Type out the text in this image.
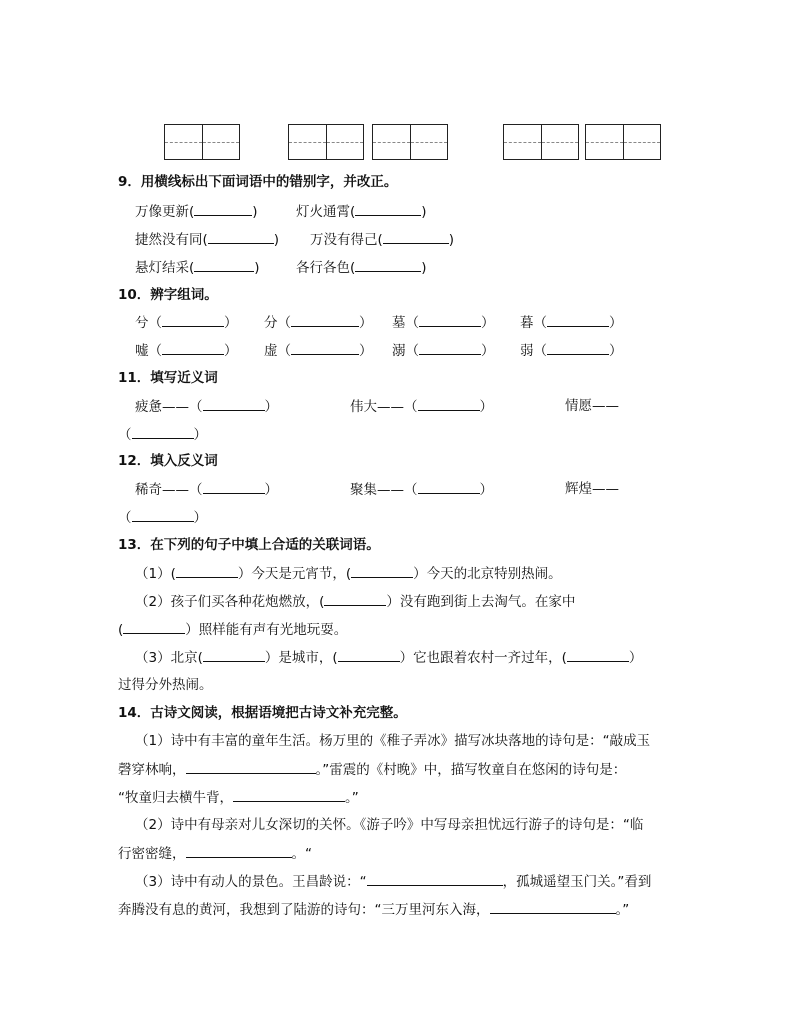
9．用横线标出下面词语中的错别字，并改正。
万像更新(	)	灯火通霄(	)
捷然没有同(	) 万没有得己(	)
悬灯结采(	)	各行各色(	)
10．辨字组词。
兮（	） 分（	） 墓（	） 暮（	）
嘘（	） 虚（	） 溺（	） 弱（	）
11．填写近义词
疲惫——（	）	伟大——（	）	情愿——
（	）
12．填入反义词
稀奇——（	）	聚集——（	）	辉煌——
（	）
13．在下列的句子中填上合适的关联词语。
（1）(	）今天是元宵节，(	）今天的北京特别热闹。
（2）孩子们买各种花炮燃放，(	）没有跑到街上去淘气。在家中
(	）照样能有声有光地玩耍。
（3）北京(	）是城市，(	）它也跟着农村一齐过年，(	）
过得分外热闹。
14．古诗文阅读，根据语境把古诗文补充完整。
（1）诗中有丰富的童年生活。杨万里的《稚子弄冰》描写冰块落地的诗句是：“敲成玉
磬穿林响，	。”雷震的《村晚》中，描写牧童自在悠闲的诗句是：
“牧童归去横牛背，	。”
（2）诗中有母亲对儿女深切的关怀。《游子吟》中写母亲担忧远行游子的诗句是：“临
行密密缝，	。“
（3）诗中有动人的景色。王昌龄说：“	，孤城遥望玉门关。”看到
奔腾没有息的黄河，我想到了陆游的诗句：“三万里河东入海，	。”
